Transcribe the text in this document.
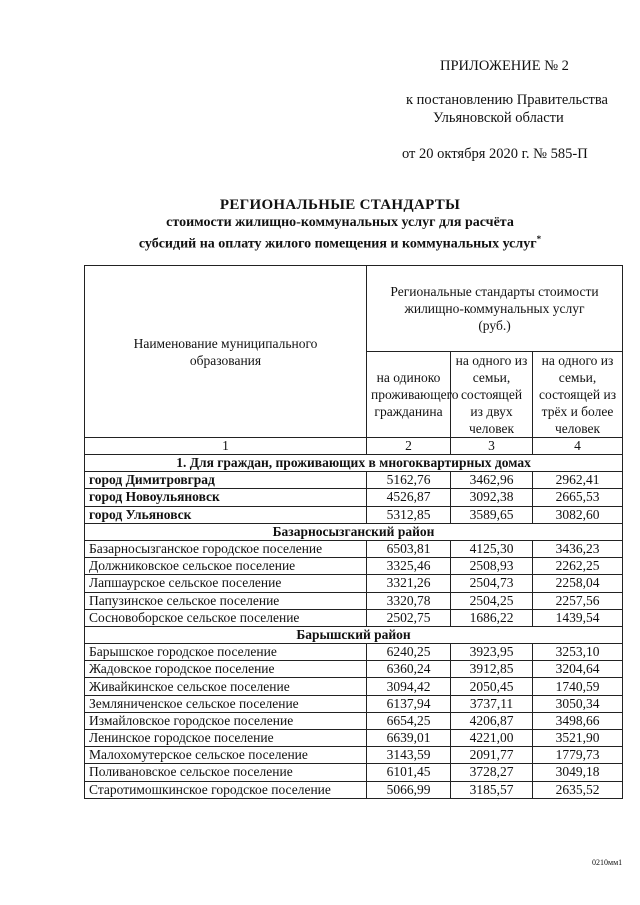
ПРИЛОЖЕНИЕ № 2
к постановлению Правительства
Ульяновской области
от 20 октября 2020 г. № 585-П
РЕГИОНАЛЬНЫЕ СТАНДАРТЫ
стоимости жилищно-коммунальных услуг для расчёта
субсидий на оплату жилого помещения и коммунальных услуг*
Наименование муниципального образования	Региональные стандарты стоимости жилищно-коммунальных услуг (руб.)		

	на одиноко проживающего гражданина	на одного из семьи, состоящей из двух человек	на одного из семьи, состоящей из трёх и более человек

1	2	3	4
1. Для граждан, проживающих в многоквартирных домах			
город Димитровград	5162,76	3462,96	2962,41
город Новоульяновск	4526,87	3092,38	2665,53
город Ульяновск	5312,85	3589,65	3082,60
Базарносызганский район			
Базарносызганское городское поселение	6503,81	4125,30	3436,23
Должниковское сельское поселение	3325,46	2508,93	2262,25
Лапшаурское сельское поселение	3321,26	2504,73	2258,04
Папузинское сельское поселение	3320,78	2504,25	2257,56
Сосновоборское сельское поселение	2502,75	1686,22	1439,54
Барышский район			
Барышское городское поселение	6240,25	3923,95	3253,10
Жадовское городское поселение	6360,24	3912,85	3204,64
Живайкинское сельское поселение	3094,42	2050,45	1740,59
Земляниченское сельское поселение	6137,94	3737,11	3050,34
Измайловское городское поселение	6654,25	4206,87	3498,66
Ленинское городское поселение	6639,01	4221,00	3521,90
Малохомутерское сельское поселение	3143,59	2091,77	1779,73
Поливановское сельское поселение	6101,45	3728,27	3049,18
Старотимошкинское городское поселение	5066,99	3185,57	2635,52
0210мм1
